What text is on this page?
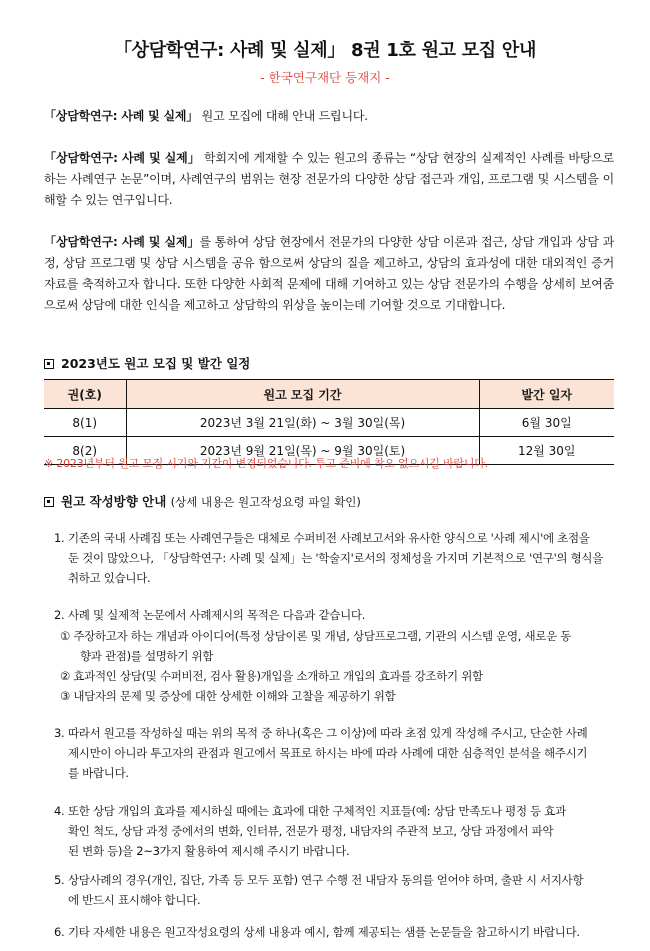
「상담학연구: 사례 및 실제」 8권 1호 원고 모집 안내
- 한국연구재단 등재지 -
「상담학연구: 사례 및 실제」 원고 모집에 대해 안내 드립니다.
「상담학연구: 사례 및 실제」 학회지에 게재할 수 있는 원고의 종류는 “상담 현장의 실제적인 사례를 바탕으로 하는 사례연구 논문”이며, 사례연구의 범위는 현장 전문가의 다양한 상담 접근과 개입, 프로그램 및 시스템을 이해할 수 있는 연구입니다.
「상담학연구: 사례 및 실제」를 통하여 상담 현장에서 전문가의 다양한 상담 이론과 접근, 상담 개입과 상담 과정, 상담 프로그램 및 상담 시스템을 공유 함으로써 상담의 질을 제고하고, 상담의 효과성에 대한 대외적인 증거 자료를 축적하고자 합니다. 또한 다양한 사회적 문제에 대해 기여하고 있는 상담 전문가의 수행을 상세히 보여줌으로써 상담에 대한 인식을 제고하고 상담학의 위상을 높이는데 기여할 것으로 기대합니다.
2023년도 원고 모집 및 발간 일정
권(호)	원고 모집 기간	발간 일자
8(1)	2023년 3월 21일(화) ~ 3월 30일(목)	6월 30일
8(2)	2023년 9월 21일(목) ~ 9월 30일(토)	12월 30일
※ 2023년부터 원고 모집 시기와 기간이 변경되었습니다. 투고 준비에 착오 없으시길 바랍니다.
원고 작성방향 안내 (상세 내용은 원고작성요령 파일 확인)
1. 기존의 국내 사례집 또는 사례연구들은 대체로 수퍼비전 사례보고서와 유사한 양식으로 '사례 제시'에 초점을
둔 것이 많았으나, 「상담학연구: 사례 및 실제」는 '학술지'로서의 정체성을 가지며 기본적으로 '연구'의 형식을
취하고 있습니다.
2. 사례 및 실제적 논문에서 사례제시의 목적은 다음과 같습니다.
① 주장하고자 하는 개념과 아이디어(특정 상담이론 및 개념, 상담프로그램, 기관의 시스템 운영, 새로운 동
향과 관점)를 설명하기 위함
② 효과적인 상담(및 수퍼비전, 검사 활용)개입을 소개하고 개입의 효과를 강조하기 위함
③ 내담자의 문제 및 증상에 대한 상세한 이해와 고찰을 제공하기 위함
3. 따라서 원고를 작성하실 때는 위의 목적 중 하나(혹은 그 이상)에 따라 초점 있게 작성해 주시고, 단순한 사례
제시만이 아니라 투고자의 관점과 원고에서 목표로 하시는 바에 따라 사례에 대한 심층적인 분석을 해주시기
를 바랍니다.
4. 또한 상담 개입의 효과를 제시하실 때에는 효과에 대한 구체적인 지표들(예: 상담 만족도나 평정 등 효과
확인 척도, 상담 과정 중에서의 변화, 인터뷰, 전문가 평정, 내담자의 주관적 보고, 상담 과정에서 파악
된 변화 등)을 2~3가지 활용하여 제시해 주시기 바랍니다.
5. 상담사례의 경우(개인, 집단, 가족 등 모두 포함) 연구 수행 전 내담자 동의를 얻어야 하며, 출판 시 서지사항
에 반드시 표시해야 합니다.
6. 기타 자세한 내용은 원고작성요령의 상세 내용과 예시, 함께 제공되는 샘플 논문들을 참고하시기 바랍니다.
